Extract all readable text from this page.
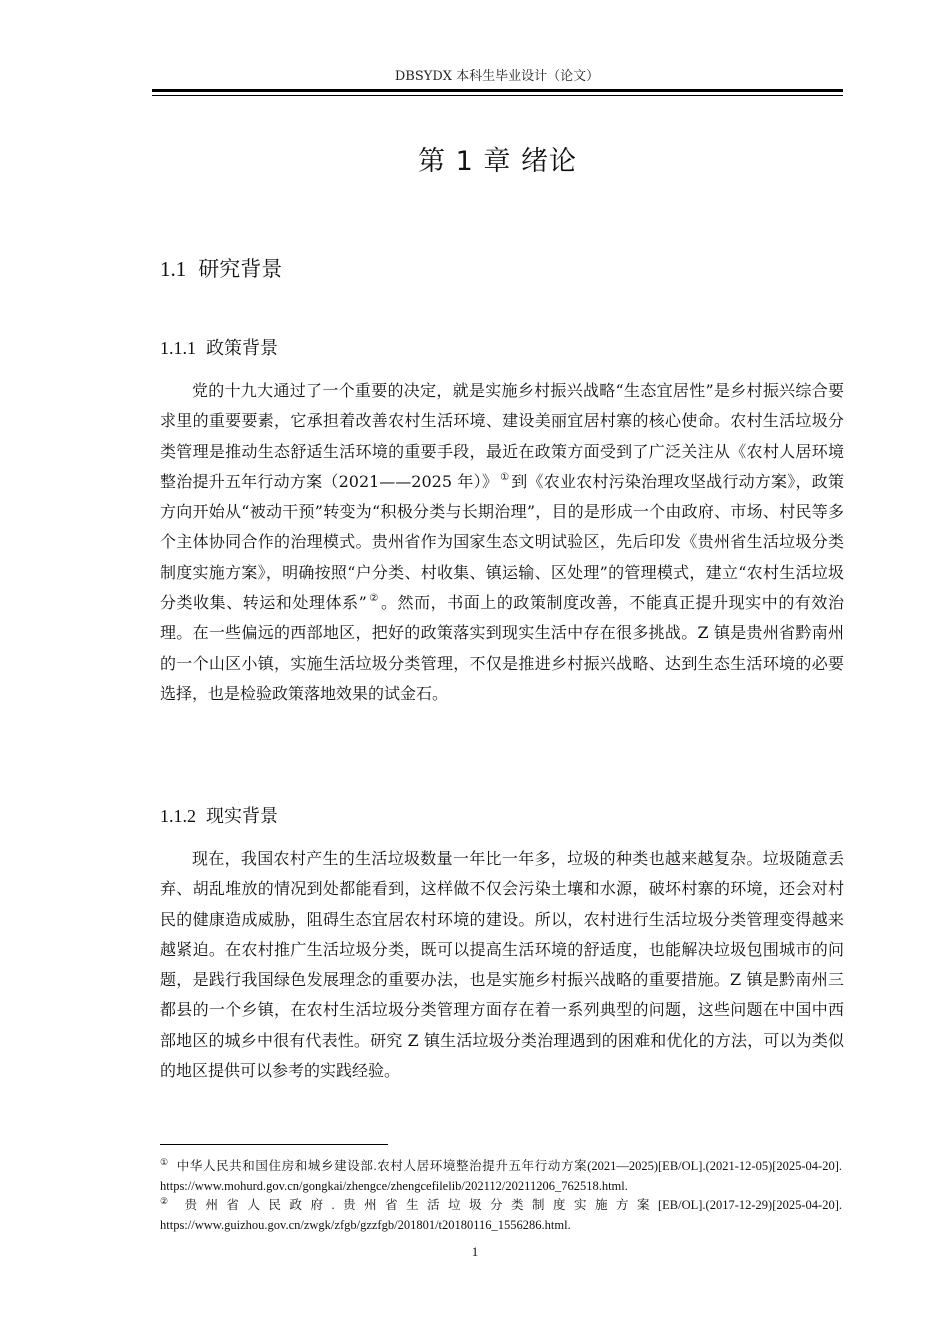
DBSYDX 本科生毕业设计（论文）
第 1 章 绪论
1.1 研究背景
1.1.1 政策背景

党的十九大通过了一个重要的决定，就是实施乡村振兴战略“生态宜居性”是乡村振兴综合要求里的重要要素，它承担着改善农村生活环境、建设美丽宜居村寨的核心使命。农村生活垃圾分类管理是推动生态舒适生活环境的重要手段，最近在政策方面受到了广泛关注从《农村人居环境整治提升五年行动方案（2021——2025 年）》 ① 到《农业农村污染治理攻坚战行动方案》，政策方向开始从“被动干预”转变为“积极分类与长期治理”，目的是形成一个由政府、市场、村民等多个主体协同合作的治理模式。贵州省作为国家生态文明试验区，先后印发《贵州省生活垃圾分类制度实施方案》，明确按照“户分类、村收集、镇运输、区处理”的管理模式，建立“农村生活垃圾分类收集、转运和处理体系” ② 。然而，书面上的政策制度改善，不能真正提升现实中的有效治理。在一些偏远的西部地区，把好的政策落实到现实生活中存在很多挑战。Z 镇是贵州省黔南州的一个山区小镇，实施生活垃圾分类管理，不仅是推进乡村振兴战略、达到生态生活环境的必要选择，也是检验政策落地效果的试金石。

1.1.2 现实背景

现在，我国农村产生的生活垃圾数量一年比一年多，垃圾的种类也越来越复杂。垃圾随意丢弃、胡乱堆放的情况到处都能看到，这样做不仅会污染土壤和水源，破坏村寨的环境，还会对村民的健康造成威胁，阻碍生态宜居农村环境的建设。所以，农村进行生活垃圾分类管理变得越来越紧迫。在农村推广生活垃圾分类，既可以提高生活环境的舒适度，也能解决垃圾包围城市的问题，是践行我国绿色发展理念的重要办法，也是实施乡村振兴战略的重要措施。Z 镇是黔南州三都县的一个乡镇，在农村生活垃圾分类管理方面存在着一系列典型的问题，这些问题在中国中西部地区的城乡中很有代表性。研究 Z 镇生活垃圾分类治理遇到的困难和优化的方法，可以为类似的地区提供可以参考的实践经验。

① 中华人民共和国住房和城乡建设部.农村人居环境整治提升五年行动方案(2021—2025)[EB/OL].(2021-12-05)[2025-04-20]. https://www.mohurd.gov.cn/gongkai/zhengce/zhengcefilelib/202112/20211206_762518.html.

② 贵州省人民政府.贵州省生活垃圾分类制度实施方案[EB/OL].(2017-12-29)[2025-04-20]. https://www.guizhou.gov.cn/zwgk/zfgb/gzzfgb/201801/t20180116_1556286.html.

1
